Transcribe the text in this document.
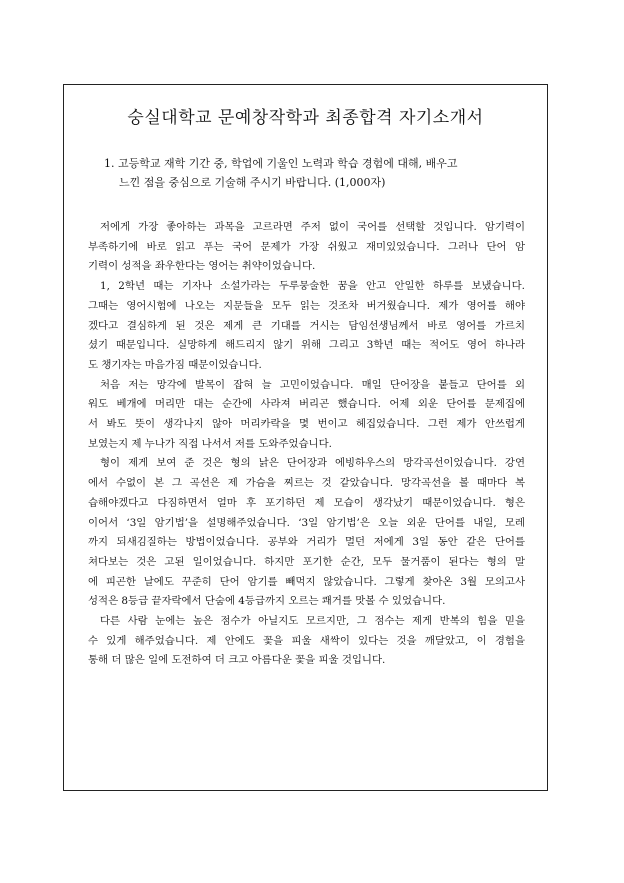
숭실대학교 문예창작학과 최종합격 자기소개서
1. 고등학교 재학 기간 중, 학업에 기울인 노력과 학습 경험에 대해, 배우고
느낀 점을 중심으로 기술해 주시기 바랍니다. (1,000자)
저에게 가장 좋아하는 과목을 고르라면 주저 없이 국어를 선택할 것입니다. 암기력이
부족하기에 바로 읽고 푸는 국어 문제가 가장 쉬웠고 재미있었습니다. 그러나 단어 암
기력이 성적을 좌우한다는 영어는 취약이었습니다.
1, 2학년 때는 기자나 소설가라는 두루뭉술한 꿈을 안고 안일한 하루를 보냈습니다.
그때는 영어시험에 나오는 지문들을 모두 읽는 것조차 버거웠습니다. 제가 영어를 해야
겠다고 결심하게 된 것은 제게 큰 기대를 거시는 담임선생님께서 바로 영어를 가르치
셨기 때문입니다. 실망하게 해드리지 않기 위해 그리고 3학년 때는 적어도 영어 하나라
도 챙기자는 마음가짐 때문이었습니다.
처음 저는 망각에 발목이 잡혀 늘 고민이었습니다. 매일 단어장을 붙들고 단어를 외
워도 베개에 머리만 대는 순간에 사라져 버리곤 했습니다. 어제 외운 단어를 문제집에
서 봐도 뜻이 생각나지 않아 머리카락을 몇 번이고 헤집었습니다. 그런 제가 안쓰럽게
보였는지 제 누나가 직접 나서서 저를 도와주었습니다.
형이 제게 보여 준 것은 형의 낡은 단어장과 에빙하우스의 망각곡선이었습니다. 강연
에서 수없이 본 그 곡선은 제 가슴을 찌르는 것 같았습니다. 망각곡선을 볼 때마다 복
습해야겠다고 다짐하면서 얼마 후 포기하던 제 모습이 생각났기 때문이었습니다. 형은
이어서 ‘3일 암기법’을 설명해주었습니다. ‘3일 암기법’은 오늘 외운 단어를 내일, 모레
까지 되새김질하는 방법이었습니다. 공부와 거리가 멀던 저에게 3일 동안 같은 단어를
쳐다보는 것은 고된 일이었습니다. 하지만 포기한 순간, 모두 물거품이 된다는 형의 말
에 피곤한 날에도 꾸준히 단어 암기를 빼먹지 않았습니다. 그렇게 찾아온 3월 모의고사
성적은 8등급 끝자락에서 단숨에 4등급까지 오르는 쾌거를 맛볼 수 있었습니다.
다른 사람 눈에는 높은 점수가 아닐지도 모르지만, 그 점수는 제게 반복의 힘을 믿을
수 있게 해주었습니다. 제 안에도 꽃을 피울 새싹이 있다는 것을 깨달았고, 이 경험을
통해 더 많은 일에 도전하여 더 크고 아름다운 꽃을 피울 것입니다.
